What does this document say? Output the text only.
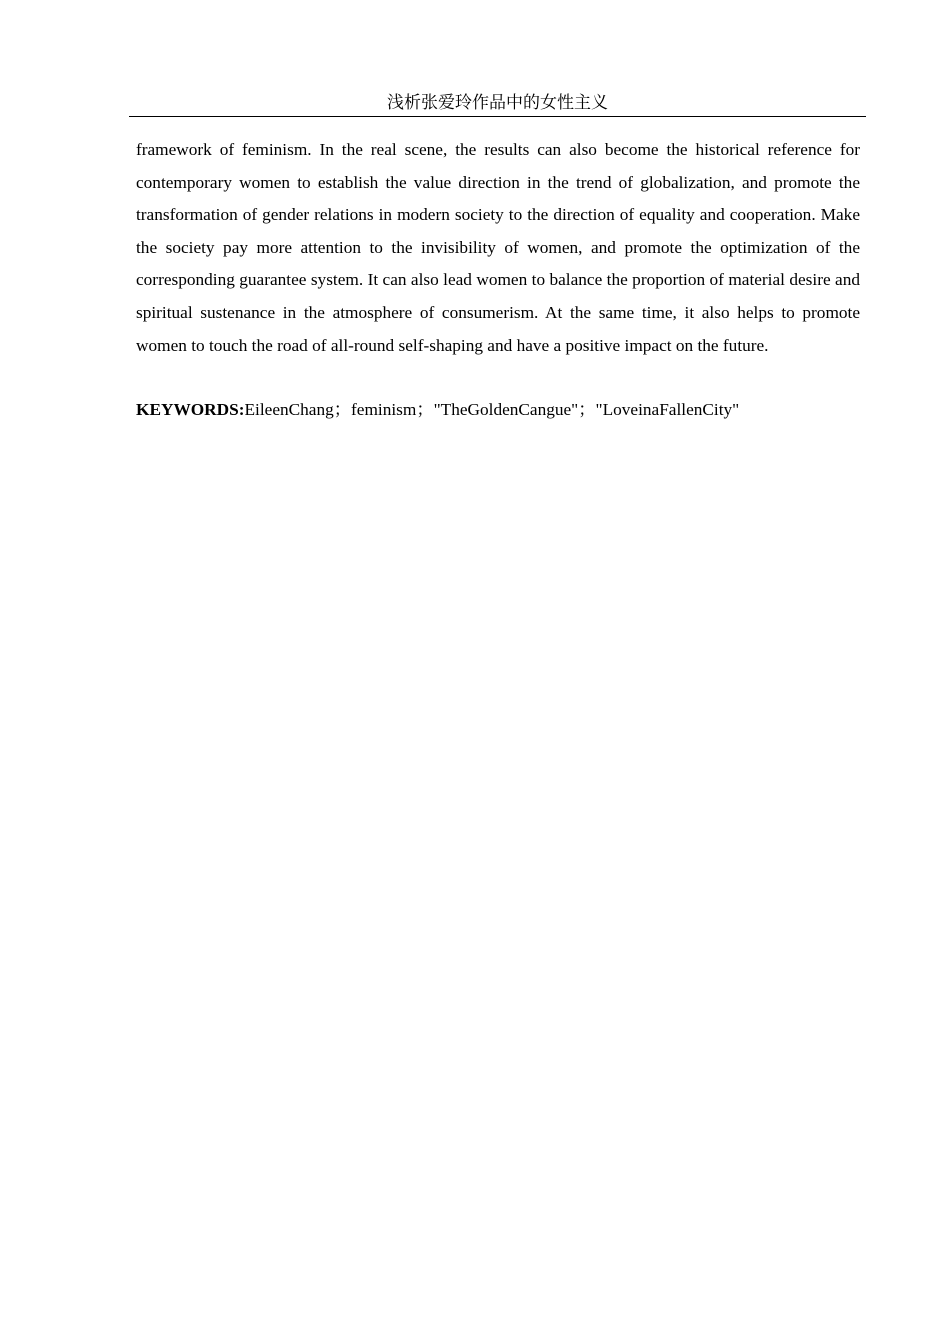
浅析张爱玲作品中的女性主义

framework of feminism. In the real scene, the results can also become the historical reference for contemporary women to establish the value direction in the trend of globalization, and promote the transformation of gender relations in modern society to the direction of equality and cooperation. Make the society pay more attention to the invisibility of women, and promote the optimization of the corresponding guarantee system. It can also lead women to balance the proportion of material desire and spiritual sustenance in the atmosphere of consumerism. At the same time, it also helps to promote women to touch the road of all-round self-shaping and have a positive impact on the future.

KEYWORDS:EileenChang；feminism；"TheGoldenCangue"；"LoveinaFallenCity"
